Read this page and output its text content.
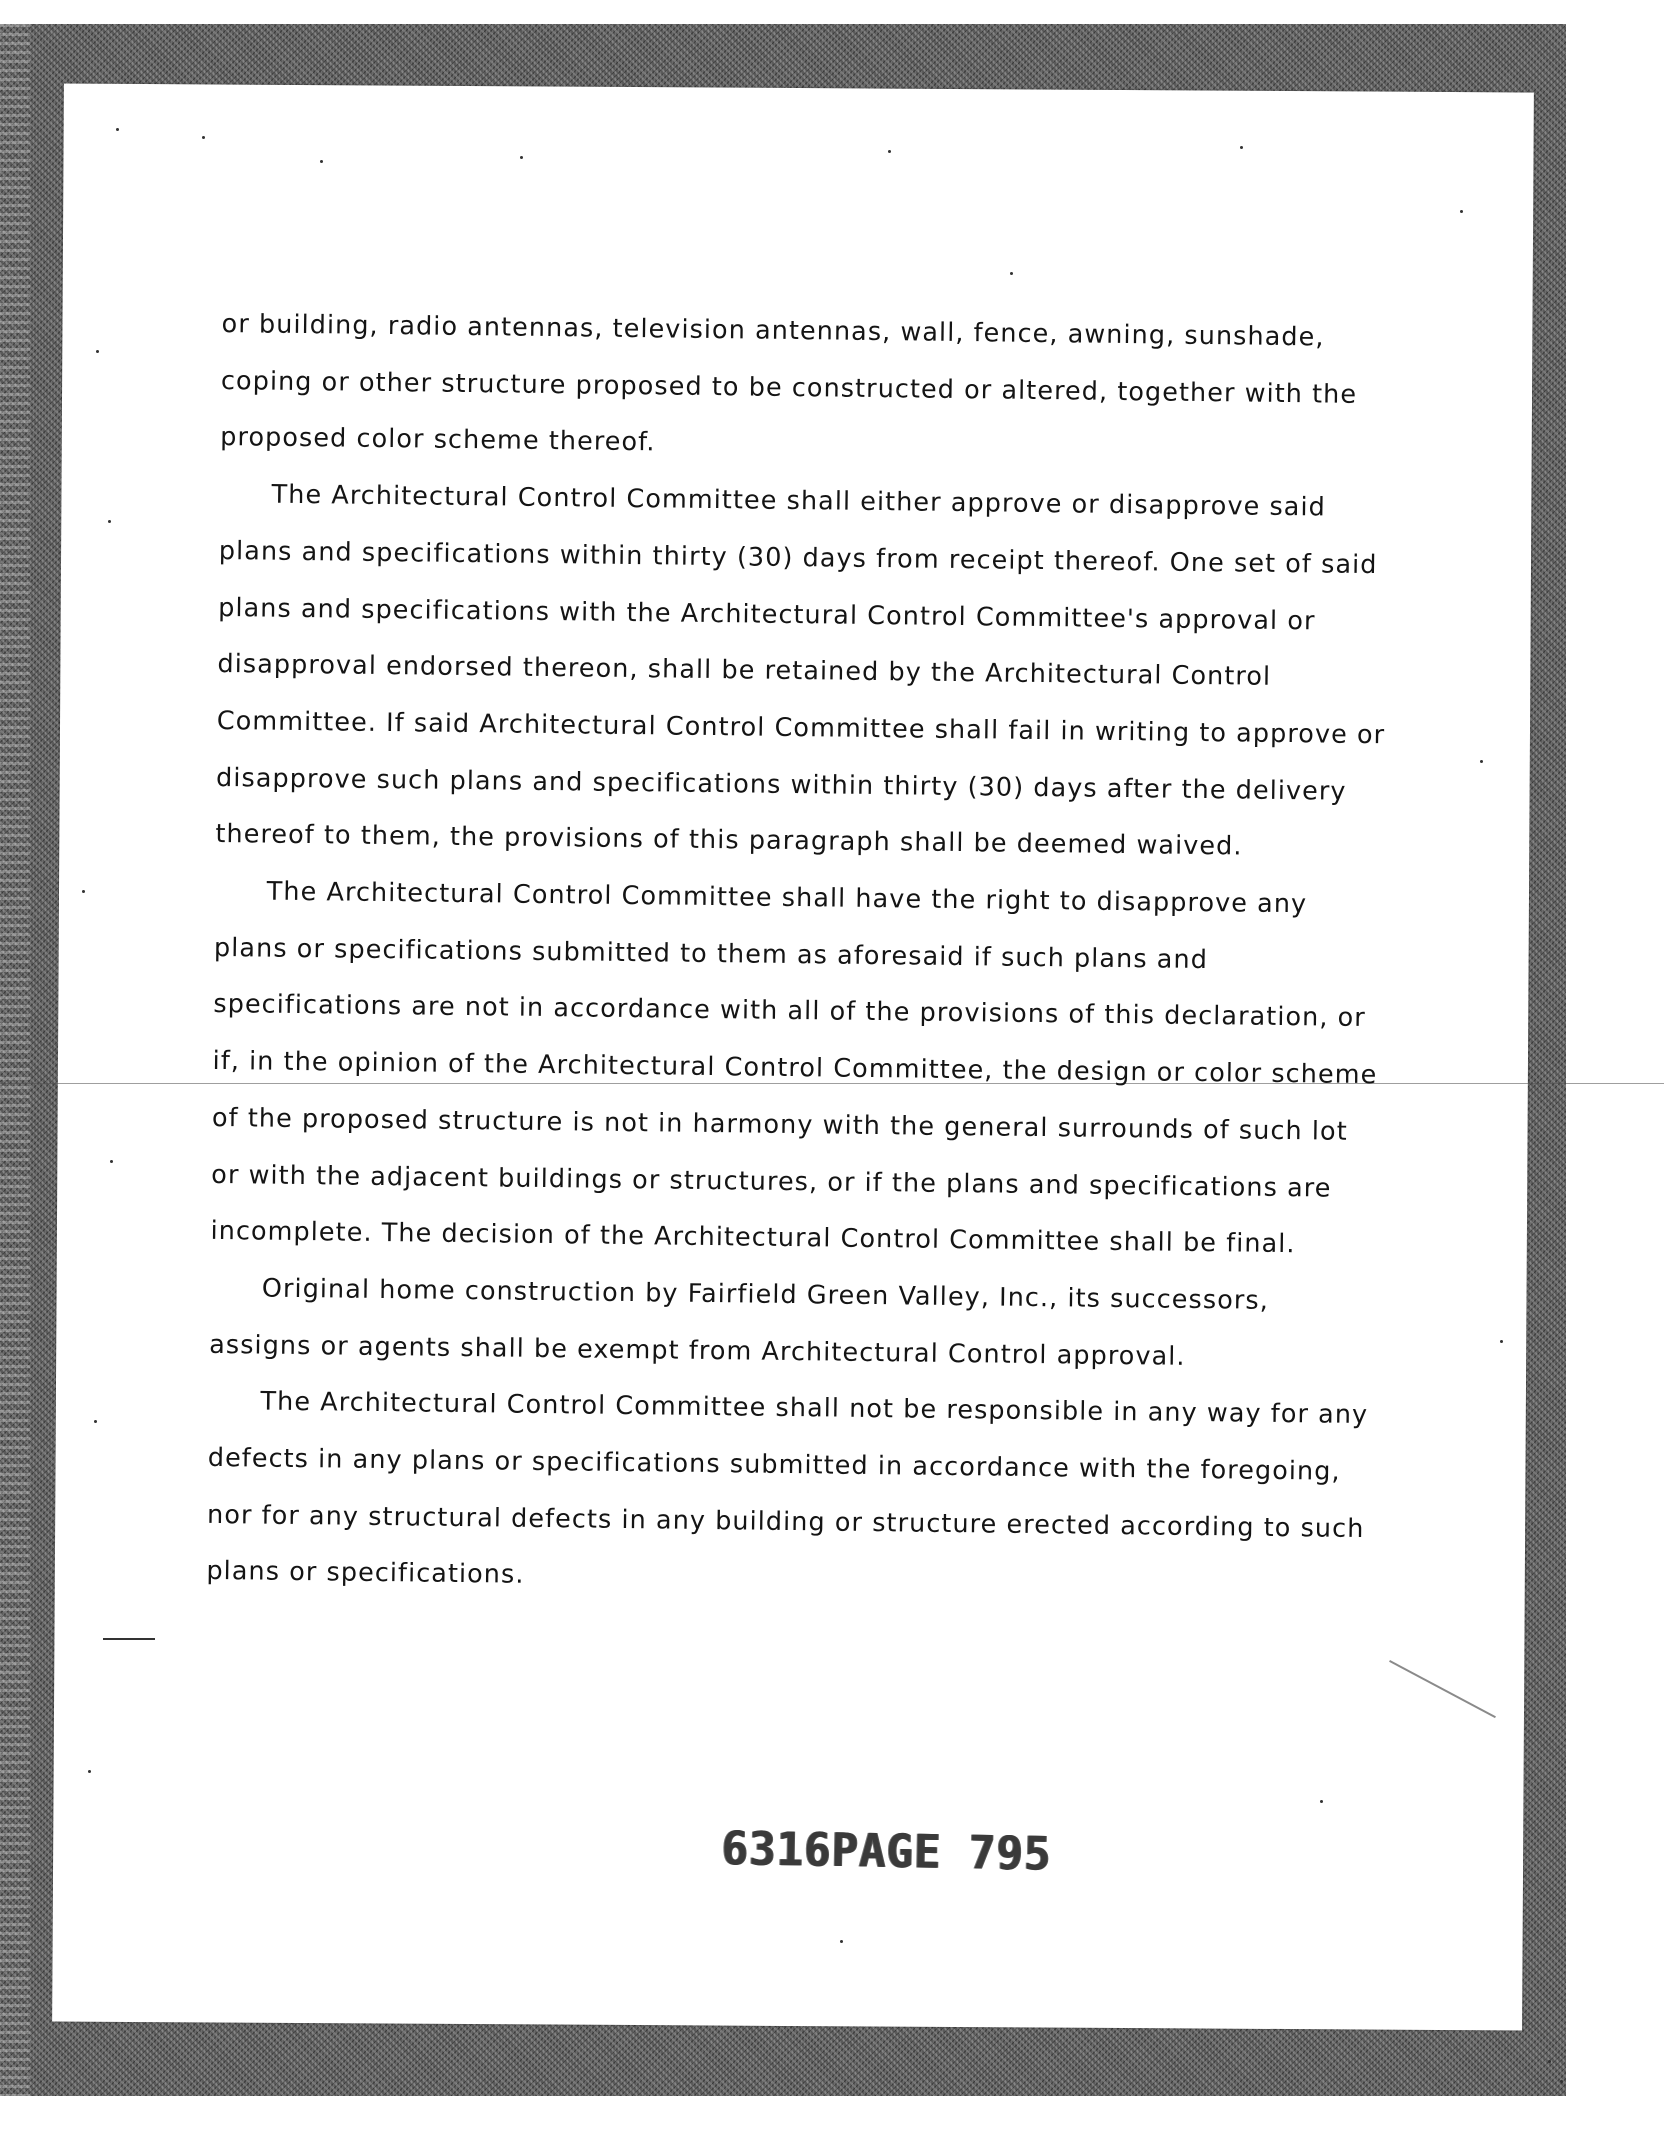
or building, radio antennas, television antennas, wall, fence, awning, sunshade, coping or other structure proposed to be constructed or altered, together with the proposed color scheme thereof.

The Architectural Control Committee shall either approve or disapprove said plans and specifications within thirty (30) days from receipt thereof. One set of said plans and specifications with the Architectural Control Committee's approval or disapproval endorsed thereon, shall be retained by the Architectural Control Committee. If said Architectural Control Committee shall fail in writing to approve or disapprove such plans and specifications within thirty (30) days after the delivery thereof to them, the provisions of this paragraph shall be deemed waived.

The Architectural Control Committee shall have the right to disapprove any plans or specifications submitted to them as aforesaid if such plans and specifications are not in accordance with all of the provisions of this declaration, or if, in the opinion of the Architectural Control Committee, the design or color scheme of the proposed structure is not in harmony with the general surrounds of such lot or with the adjacent buildings or structures, or if the plans and specifications are incomplete. The decision of the Architectural Control Committee shall be final.

Original home construction by Fairfield Green Valley, Inc., its successors, assigns or agents shall be exempt from Architectural Control approval.

The Architectural Control Committee shall not be responsible in any way for any defects in any plans or specifications submitted in accordance with the foregoing, nor for any structural defects in any building or structure erected according to such plans or specifications.

6316PAGE 795
